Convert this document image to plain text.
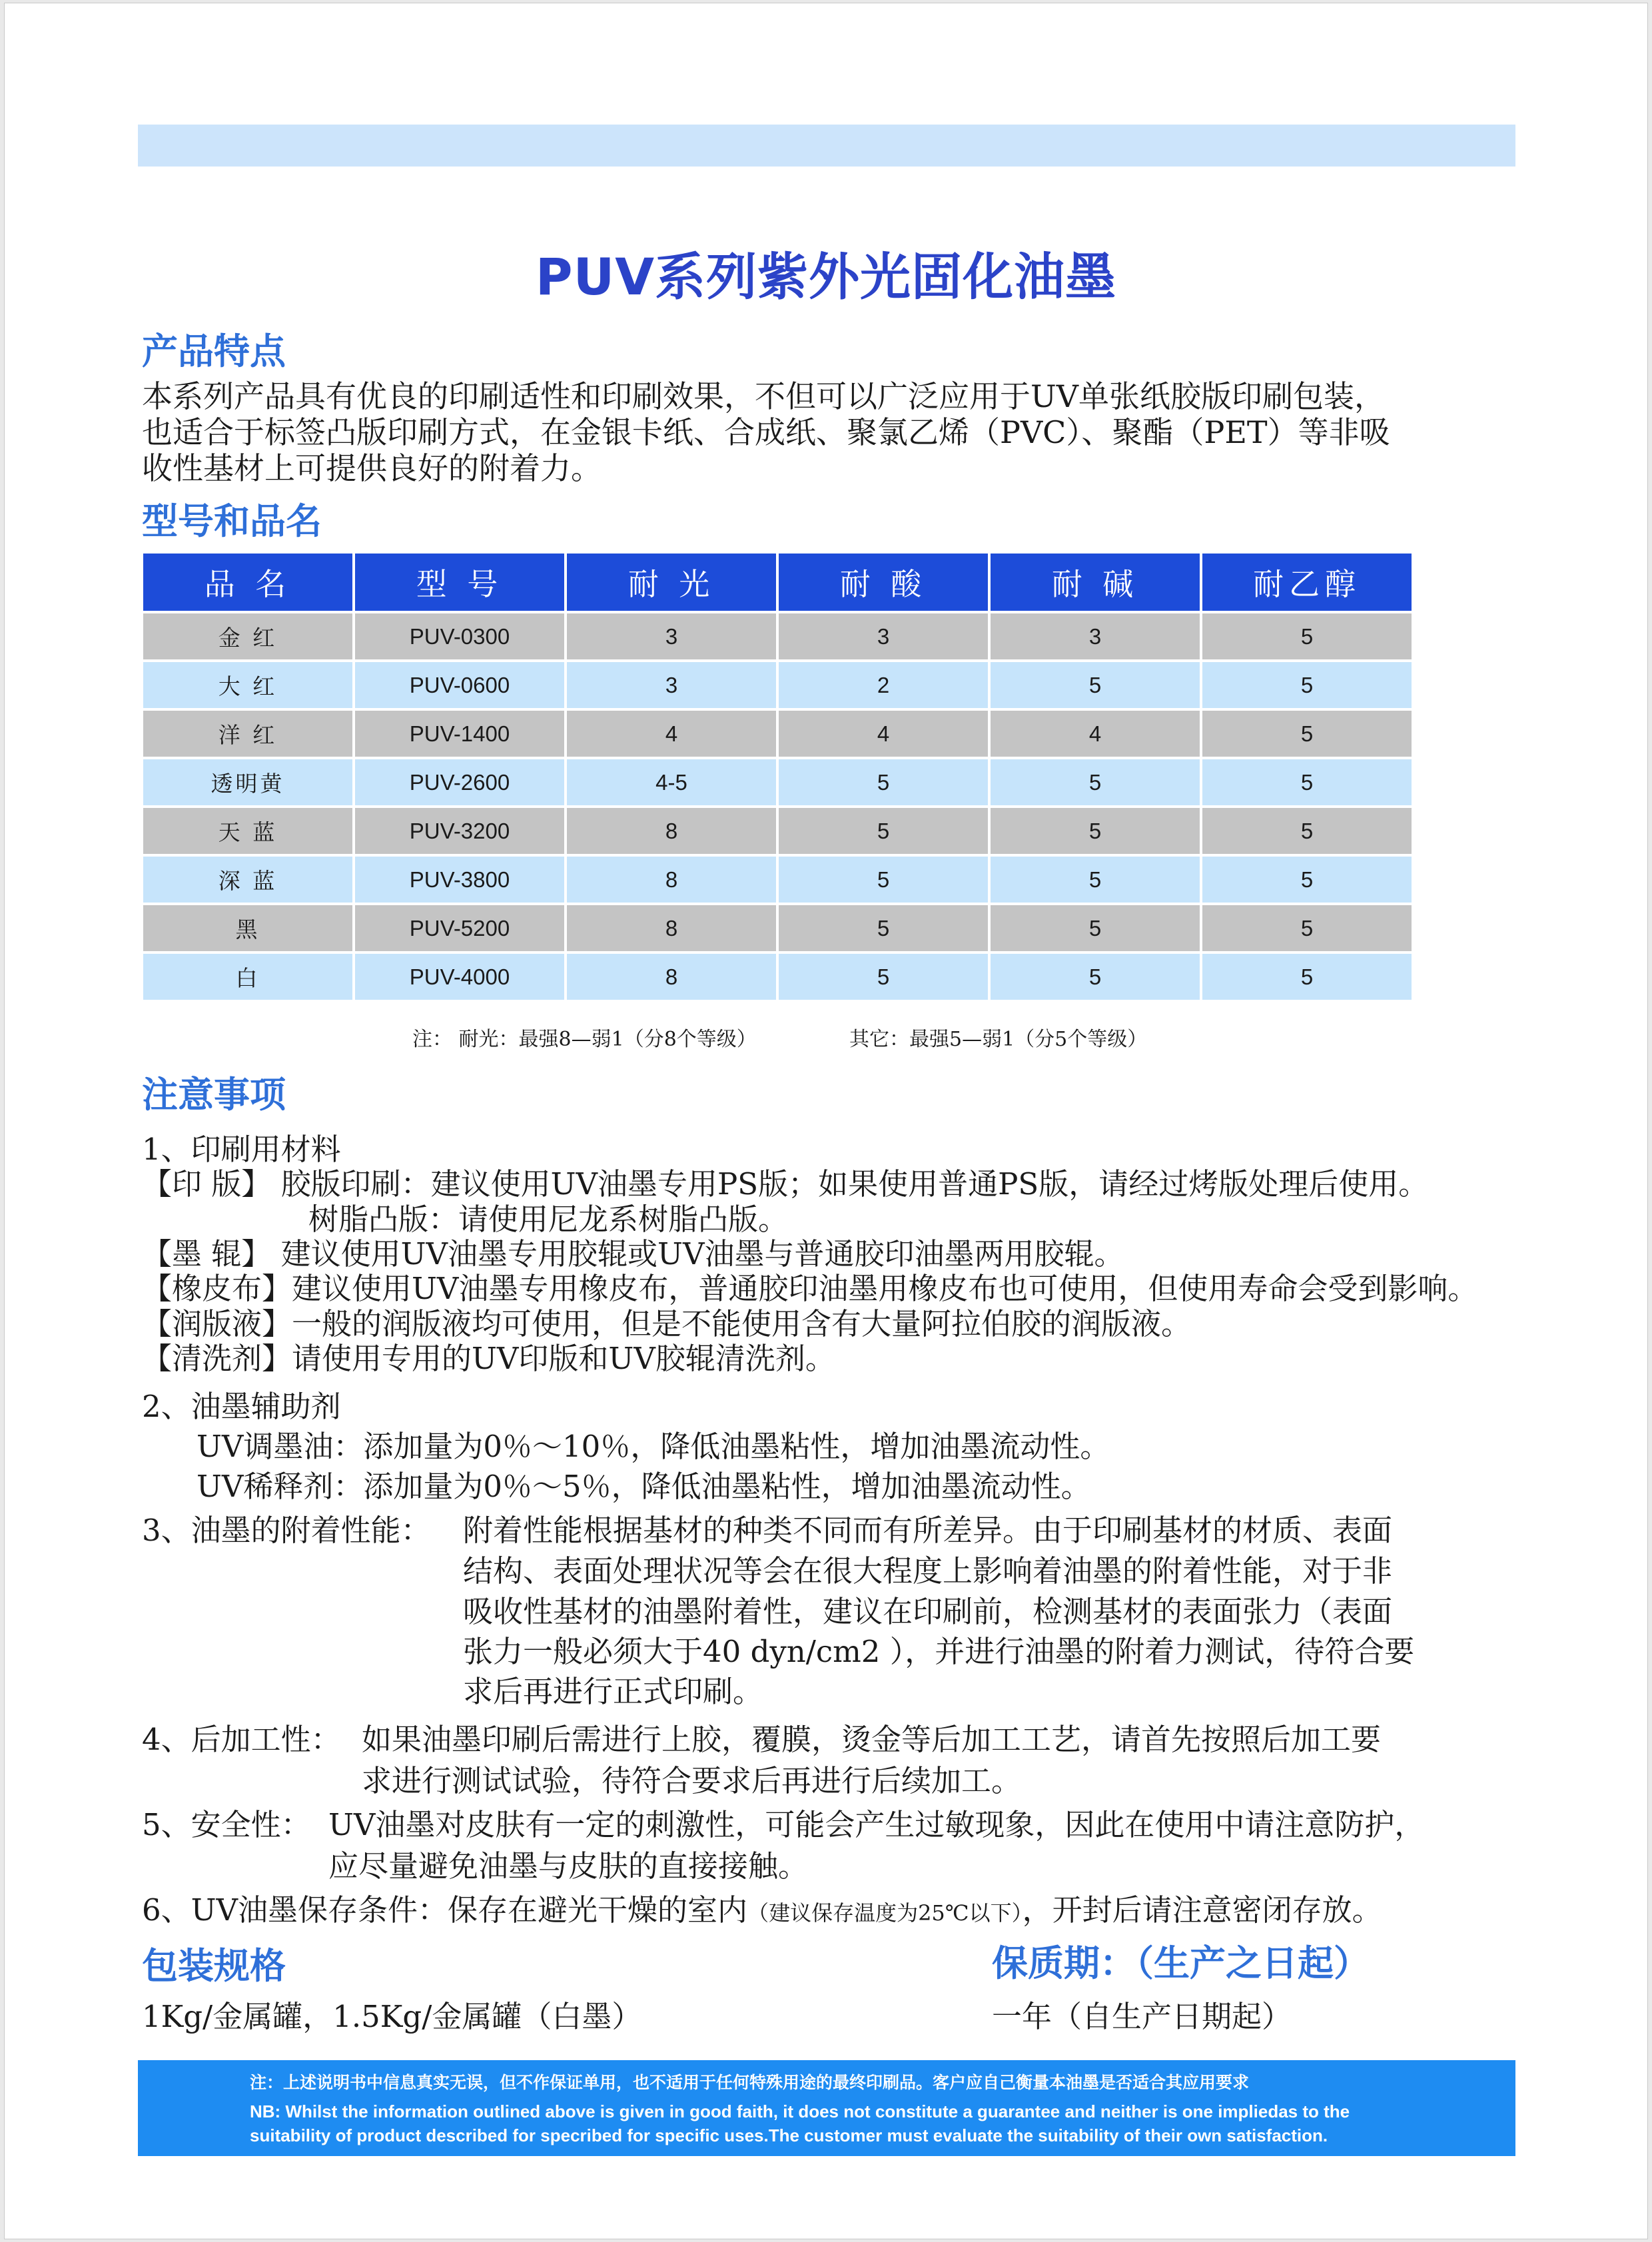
PUV系列紫外光固化油墨
产品特点
本系列产品具有优良的印刷适性和印刷效果，不但可以广泛应用于UV单张纸胶版印刷包装，
也适合于标签凸版印刷方式，在金银卡纸、合成纸、聚氯乙烯（PVC）、聚酯（PET）等非吸
收性基材上可提供良好的附着力。
型号和品名
品 名	型 号	耐 光	耐 酸	耐 碱	耐乙醇
金 红	PUV-0300	3	3	3	5
大 红	PUV-0600	3	2	5	5
洋 红	PUV-1400	4	4	4	5
透明黄	PUV-2600	4-5	5	5	5
天 蓝	PUV-3200	8	5	5	5
深 蓝	PUV-3800	8	5	5	5
黑	PUV-5200	8	5	5	5
白	PUV-4000	8	5	5	5
注： 耐光：最强8—弱1（分8个等级）	其它：最强5—弱1（分5个等级）
注意事项
1、印刷用材料
【印 版】 胶版印刷：建议使用UV油墨专用PS版；如果使用普通PS版，请经过烤版处理后使用。
树脂凸版：请使用尼龙系树脂凸版。
【墨 辊】 建议使用UV油墨专用胶辊或UV油墨与普通胶印油墨两用胶辊。
【橡皮布】建议使用UV油墨专用橡皮布，普通胶印油墨用橡皮布也可使用，但使用寿命会受到影响。
【润版液】一般的润版液均可使用，但是不能使用含有大量阿拉伯胶的润版液。
【清洗剂】请使用专用的UV印版和UV胶辊清洗剂。
2、油墨辅助剂
UV调墨油：添加量为0％～10％，降低油墨粘性，增加油墨流动性。
UV稀释剂：添加量为0％～5％，降低油墨粘性，增加油墨流动性。
3、油墨的附着性能： 附着性能根据基材的种类不同而有所差异。由于印刷基材的材质、表面
结构、表面处理状况等会在很大程度上影响着油墨的附着性能，对于非
吸收性基材的油墨附着性，建议在印刷前，检测基材的表面张力（表面
张力一般必须大于40 dyn/cm2 ），并进行油墨的附着力测试，待符合要
求后再进行正式印刷。
4、后加工性： 如果油墨印刷后需进行上胶，覆膜，烫金等后加工工艺，请首先按照后加工要
求进行测试试验，待符合要求后再进行后续加工。
5、安全性： UV油墨对皮肤有一定的刺激性，可能会产生过敏现象，因此在使用中请注意防护，
应尽量避免油墨与皮肤的直接接触。
6、UV油墨保存条件：保存在避光干燥的室内（建议保存温度为25℃以下），开封后请注意密闭存放。
包装规格
1Kg/金属罐，1.5Kg/金属罐（白墨）
保质期：（生产之日起）
一年（自生产日期起）
注：上述说明书中信息真实无误，但不作保证单用，也不适用于任何特殊用途的最终印刷品。客户应自己衡量本油墨是否适合其应用要求
NB: Whilst the information outlined above is given in good faith, it does not constitute a guarantee and neither is one impliedas to the
suitability of product described for specribed for specific uses.The customer must evaluate the suitability of their own satisfaction.
